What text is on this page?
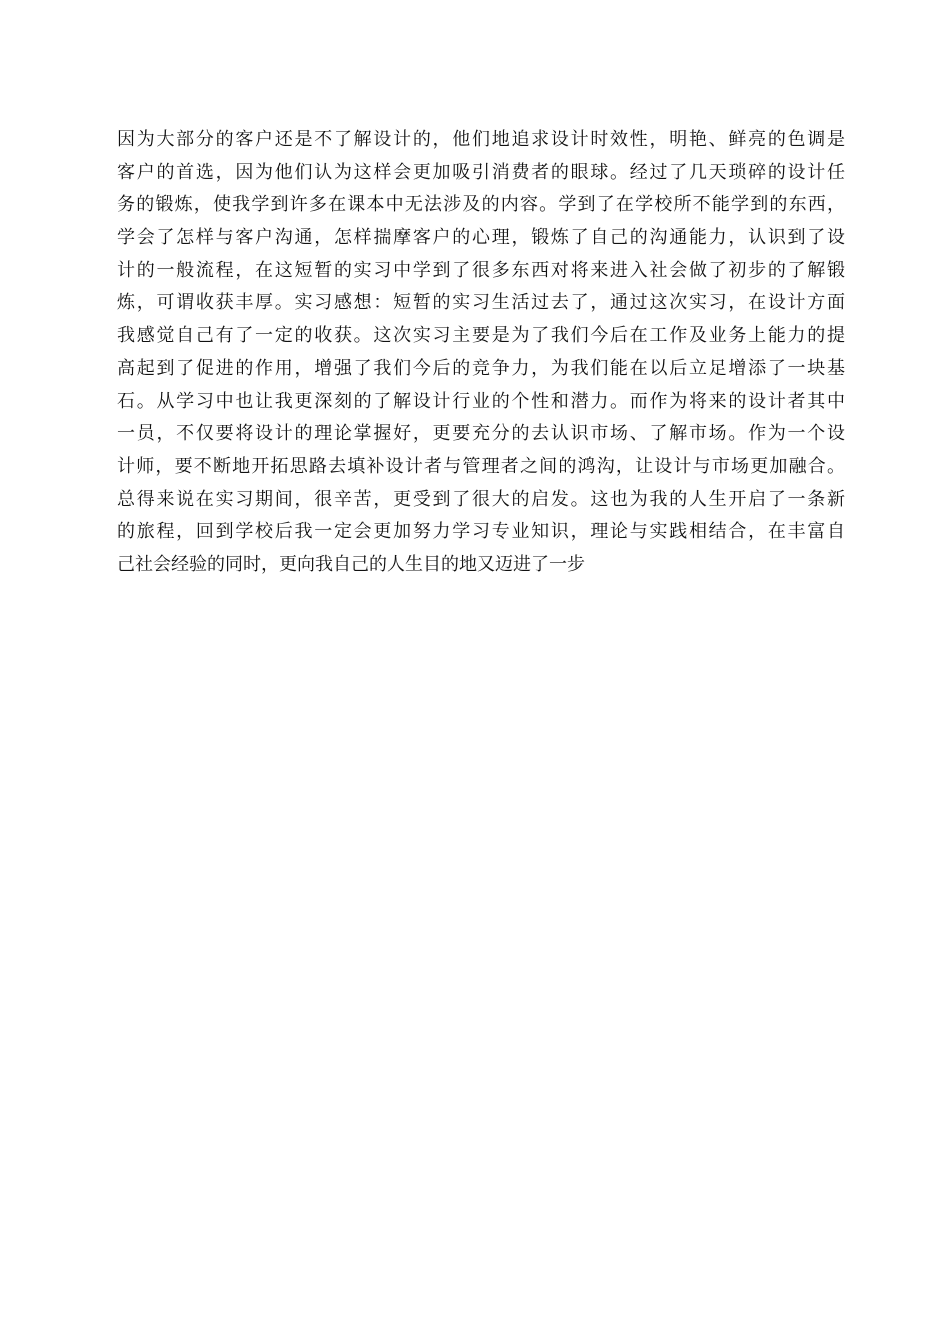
因为大部分的客户还是不了解设计的，他们地追求设计时效性，明艳、鲜亮的色调是
客户的首选，因为他们认为这样会更加吸引消费者的眼球。经过了几天琐碎的设计任
务的锻炼，使我学到许多在课本中无法涉及的内容。学到了在学校所不能学到的东西，
学会了怎样与客户沟通，怎样揣摩客户的心理，锻炼了自己的沟通能力，认识到了设
计的一般流程，在这短暂的实习中学到了很多东西对将来进入社会做了初步的了解锻
炼，可谓收获丰厚。实习感想：短暂的实习生活过去了，通过这次实习，在设计方面
我感觉自己有了一定的收获。这次实习主要是为了我们今后在工作及业务上能力的提
高起到了促进的作用，增强了我们今后的竞争力，为我们能在以后立足增添了一块基
石。从学习中也让我更深刻的了解设计行业的个性和潜力。而作为将来的设计者其中
一员，不仅要将设计的理论掌握好，更要充分的去认识市场、了解市场。作为一个设
计师，要不断地开拓思路去填补设计者与管理者之间的鸿沟，让设计与市场更加融合。
总得来说在实习期间，很辛苦，更受到了很大的启发。这也为我的人生开启了一条新
的旅程，回到学校后我一定会更加努力学习专业知识，理论与实践相结合，在丰富自
己社会经验的同时，更向我自己的人生目的地又迈进了一步
